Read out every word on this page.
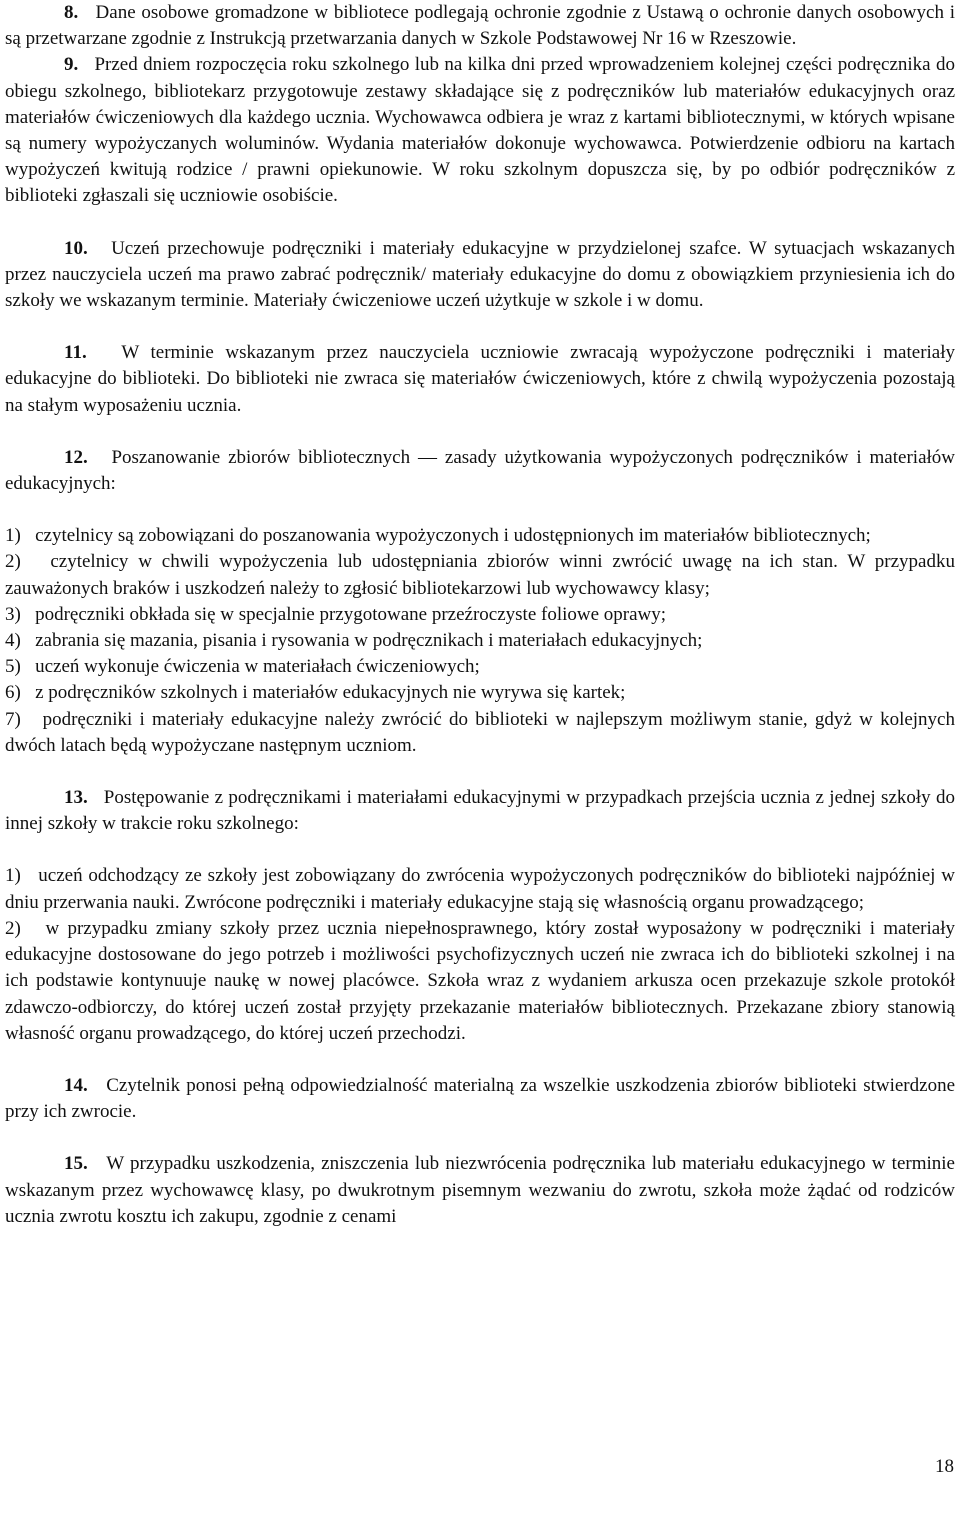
8. Dane osobowe gromadzone w bibliotece podlegają ochronie zgodnie z Ustawą o ochronie danych osobowych i są przetwarzane zgodnie z Instrukcją przetwarzania danych w Szkole Podstawowej Nr 16 w Rzeszowie.

9. Przed dniem rozpoczęcia roku szkolnego lub na kilka dni przed wprowadzeniem kolejnej części podręcznika do obiegu szkolnego, bibliotekarz przygotowuje zestawy składające się z podręczników lub materiałów edukacyjnych oraz materiałów ćwiczeniowych dla każdego ucznia. Wychowawca odbiera je wraz z kartami bibliotecznymi, w których wpisane są numery wypożyczanych woluminów. Wydania materiałów dokonuje wychowawca. Potwierdzenie odbioru na kartach wypożyczeń kwitują rodzice / prawni opiekunowie. W roku szkolnym dopuszcza się, by po odbiór podręczników z biblioteki zgłaszali się uczniowie osobiście.

10. Uczeń przechowuje podręczniki i materiały edukacyjne w przydzielonej szafce. W sytuacjach wskazanych przez nauczyciela uczeń ma prawo zabrać podręcznik/ materiały edukacyjne do domu z obowiązkiem przyniesienia ich do szkoły we wskazanym terminie. Materiały ćwiczeniowe uczeń użytkuje w szkole i w domu.

11. W terminie wskazanym przez nauczyciela uczniowie zwracają wypożyczone podręczniki i materiały edukacyjne do biblioteki. Do biblioteki nie zwraca się materiałów ćwiczeniowych, które z chwilą wypożyczenia pozostają na stałym wyposażeniu ucznia.

12. Poszanowanie zbiorów bibliotecznych — zasady użytkowania wypożyczonych podręczników i materiałów edukacyjnych:

1)   czytelnicy są zobowiązani do poszanowania wypożyczonych i udostępnionych im materiałów bibliotecznych;

2)   czytelnicy w chwili wypożyczenia lub udostępniania zbiorów winni zwrócić uwagę na ich stan. W przypadku zauważonych braków i uszkodzeń należy to zgłosić bibliotekarzowi lub wychowawcy klasy;

3)   podręczniki obkłada się w specjalnie przygotowane przeźroczyste foliowe oprawy;

4)   zabrania się mazania, pisania i rysowania w podręcznikach i materiałach edukacyjnych;

5)   uczeń wykonuje ćwiczenia w materiałach ćwiczeniowych;

6)   z podręczników szkolnych i materiałów edukacyjnych nie wyrywa się kartek;

7)   podręczniki i materiały edukacyjne należy zwrócić do biblioteki w najlepszym możliwym stanie, gdyż w kolejnych dwóch latach będą wypożyczane następnym uczniom.

13. Postępowanie z podręcznikami i materiałami edukacyjnymi w przypadkach przejścia ucznia z jednej szkoły do innej szkoły w trakcie roku szkolnego:

1)   uczeń odchodzący ze szkoły jest zobowiązany do zwrócenia wypożyczonych podręczników do biblioteki najpóźniej w dniu przerwania nauki. Zwrócone podręczniki i materiały edukacyjne stają się własnością organu prowadzącego;

2)   w przypadku zmiany szkoły przez ucznia niepełnosprawnego, który został wyposażony w podręczniki i materiały edukacyjne dostosowane do jego potrzeb i możliwości psychofizycznych uczeń nie zwraca ich do biblioteki szkolnej i na ich podstawie kontynuuje naukę w nowej placówce. Szkoła wraz z wydaniem arkusza ocen przekazuje szkole protokół zdawczo-odbiorczy, do której uczeń został przyjęty przekazanie materiałów bibliotecznych. Przekazane zbiory stanowią własność organu prowadzącego, do której uczeń przechodzi.

14. Czytelnik ponosi pełną odpowiedzialność materialną za wszelkie uszkodzenia zbiorów biblioteki stwierdzone przy ich zwrocie.

15. W przypadku uszkodzenia, zniszczenia lub niezwrócenia podręcznika lub materiału edukacyjnego w terminie wskazanym przez wychowawcę klasy, po dwukrotnym pisemnym wezwaniu do zwrotu, szkoła może żądać od rodziców ucznia zwrotu kosztu ich zakupu, zgodnie z cenami

18
